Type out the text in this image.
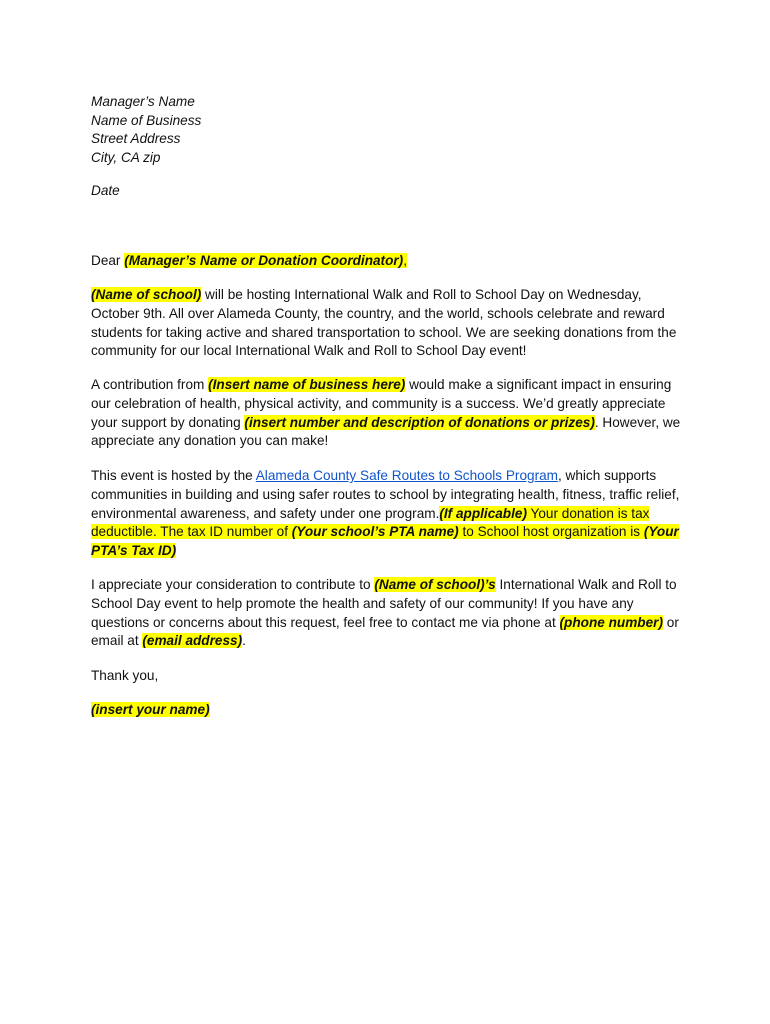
Manager’s Name
Name of Business
Street Address
City, CA zip
Date
Dear (Manager’s Name or Donation Coordinator),
(Name of school) will be hosting International Walk and Roll to School Day on Wednesday, October 9th. All over Alameda County, the country, and the world, schools celebrate and reward students for taking active and shared transportation to school. We are seeking donations from the community for our local International Walk and Roll to School Day event!
A contribution from (Insert name of business here) would make a significant impact in ensuring our celebration of health, physical activity, and community is a success. We’d greatly appreciate your support by donating (insert number and description of donations or prizes). However, we appreciate any donation you can make!
This event is hosted by the Alameda County Safe Routes to Schools Program, which supports communities in building and using safer routes to school by integrating health, fitness, traffic relief, environmental awareness, and safety under one program.(If applicable) Your donation is tax deductible. The tax ID number of (Your school’s PTA name) to School host organization is (Your PTA’s Tax ID)
I appreciate your consideration to contribute to (Name of school)’s International Walk and Roll to School Day event to help promote the health and safety of our community! If you have any questions or concerns about this request, feel free to contact me via phone at (phone number) or email at (email address).
Thank you,
(insert your name)
